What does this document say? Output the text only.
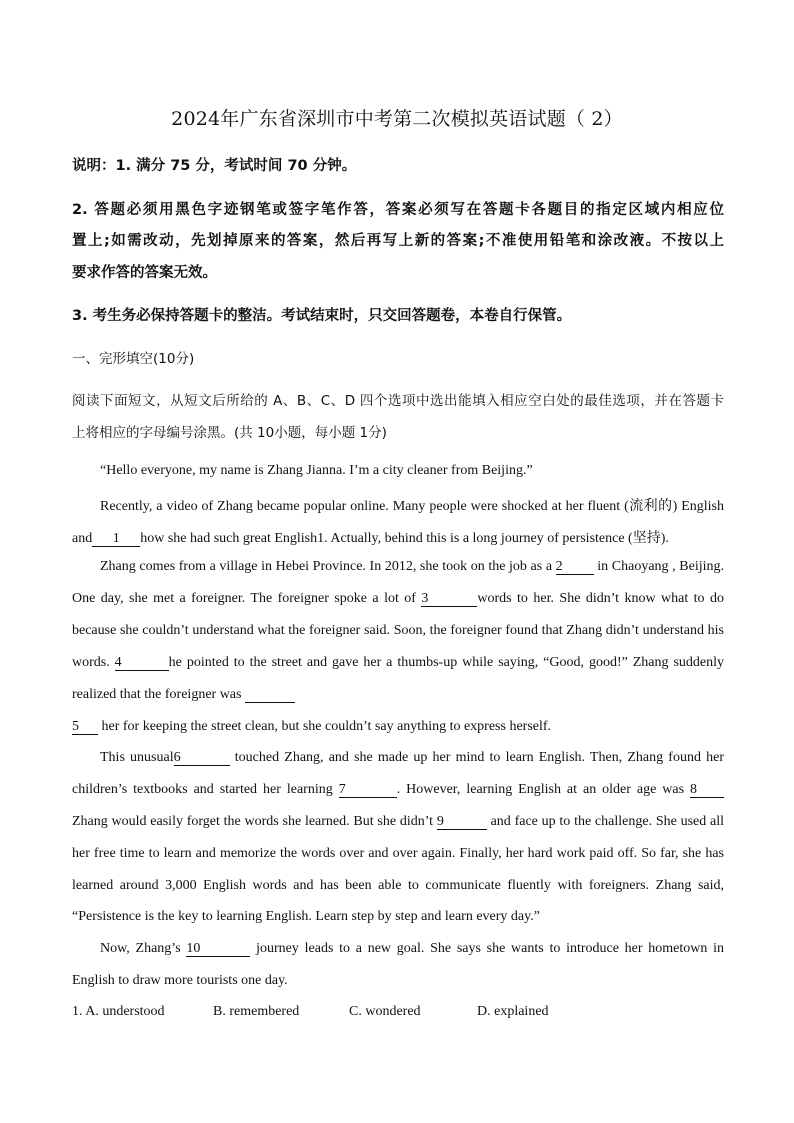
2024年广东省深圳市中考第二次模拟英语试题（ 2）
说明：1. 满分 75 分，考试时间 70 分钟。
2. 答题必须用黑色字迹钢笔或签字笔作答，答案必须写在答题卡各题目的指定区域内相应位
置上;如需改动，先划掉原来的答案，然后再写上新的答案;不准使用铅笔和涂改液。不按以上
要求作答的答案无效。
3. 考生务必保持答题卡的整洁。考试结束时，只交回答题卷，本卷自行保管。
一、完形填空(10分)
阅读下面短文，从短文后所给的 A、B、C、D 四个选项中选出能填入相应空白处的最佳选项，并在答题卡
上将相应的字母编号涂黑。(共 10小题，每小题 1分)
“Hello everyone, my name is Zhang Jianna. I’m a city cleaner from Beijing.”
Recently, a video of Zhang became popular online. Many people were shocked at her fluent (流利的) English
and 1 how she had such great English1. Actually, behind this is a long journey of persistence (坚持).
Zhang comes from a village in Hebei Province. In 2012, she took on the job as a 2 in Chaoyang , Beijing.
One day, she met a foreigner. The foreigner spoke a lot of 3	words to her. She didn’t know what to do
because she couldn’t understand what the foreigner said. Soon, the foreigner found that Zhang didn’t understand his
words. 4	he pointed to the street and gave her a thumbs-up while saying, “Good, good!” Zhang suddenly
realized that the foreigner was
5 her for keeping the street clean, but she couldn’t say anything to express herself.
This unusual6	touched Zhang, and she made up her mind to learn English. Then, Zhang found her
children’s textbooks and started her learning 7	. However, learning English at an older age was 8
Zhang would easily forget the words she learned. But she didn’t 9	and face up to the challenge. She used all
her free time to learn and memorize the words over and over again. Finally, her hard work paid off. So far, she has
learned around 3,000 English words and has been able to communicate fluently with foreigners. Zhang said,
“Persistence is the key to learning English. Learn step by step and learn every day.”
Now, Zhang’s 10	journey leads to a new goal. She says she wants to introduce her hometown in
English to draw more tourists one day.
1. A. understood	B. remembered	C. wondered	D. explained
